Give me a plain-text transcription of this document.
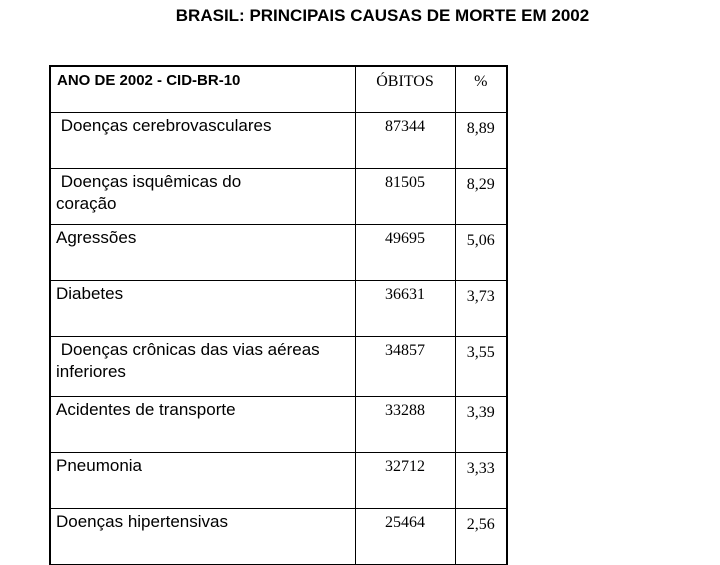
BRASIL: PRINCIPAIS CAUSAS DE MORTE EM 2002
ANO DE 2002 - CID-BR-10	ÓBITOS	%

Doenças cerebrovasculares	87344	8,89

Doenças isquêmicas do coração	81505	8,29

Agressões	49695	5,06

Diabetes	36631	3,73

Doenças crônicas das vias aéreas inferiores	34857	3,55

Acidentes de transporte	33288	3,39

Pneumonia	32712	3,33

Doenças hipertensivas	25464	2,56
